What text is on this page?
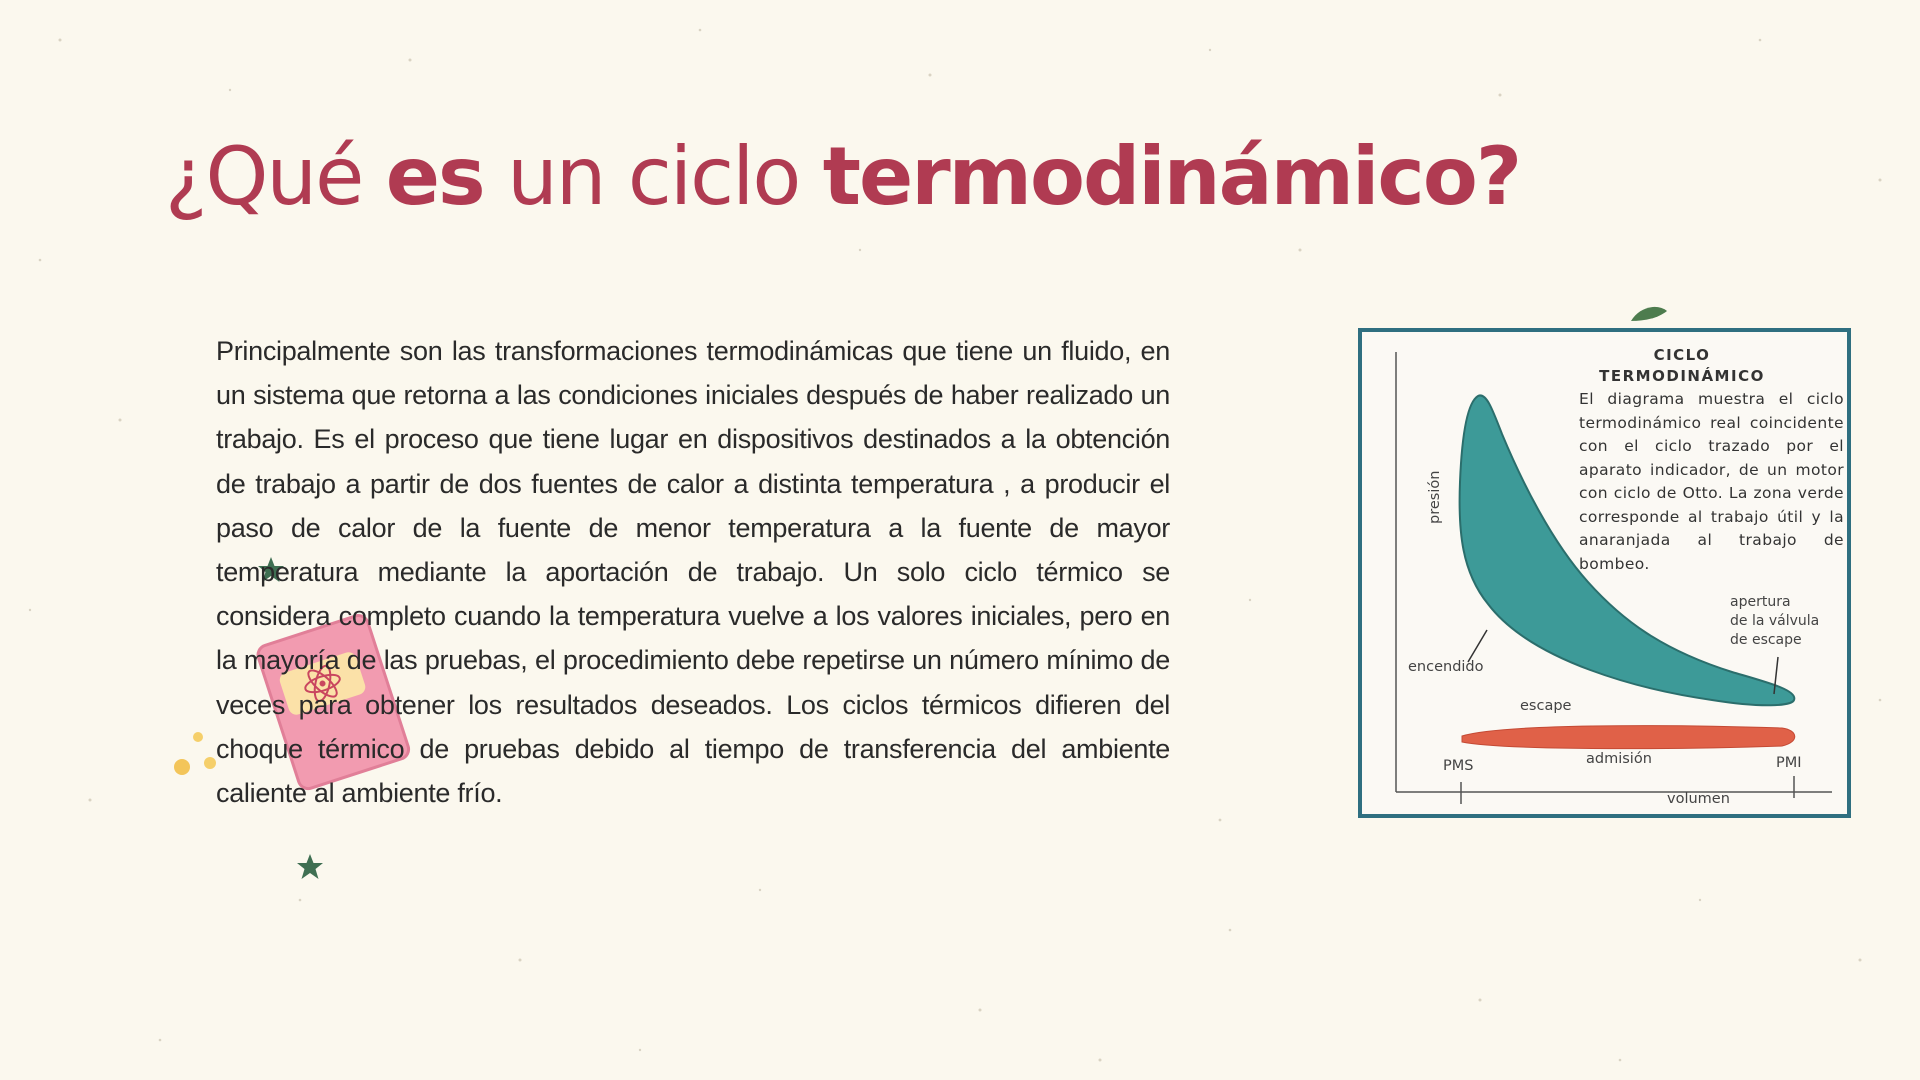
¿Qué es un ciclo termodinámico?

Principalmente son las transformaciones termodinámicas que tiene un fluido, en un sistema que retorna a las condiciones iniciales después de haber realizado un trabajo. Es el proceso que tiene lugar en dispositivos destinados a la obtención de trabajo a partir de dos fuentes de calor a distinta temperatura , a producir el paso de calor de la fuente de menor temperatura a la fuente de mayor temperatura mediante la aportación de trabajo. Un solo ciclo térmico se considera completo cuando la temperatura vuelve a los valores iniciales, pero en la mayoría de las pruebas, el procedimiento debe repetirse un número mínimo de veces para obtener los resultados deseados. Los ciclos térmicos difieren del choque térmico de pruebas debido al tiempo de transferencia del ambiente caliente al ambiente frío.

CICLO
TERMODINÁMICO
El diagrama muestra el ciclo termodinámico real coincidente con el ciclo trazado por el aparato indicador, de un motor con ciclo de Otto. La zona verde corresponde al trabajo útil y la anaranjada al trabajo de bombeo.
presión
encendido
apertura
de la válvula
de escape
escape
admisión
PMS	PMI
volumen
